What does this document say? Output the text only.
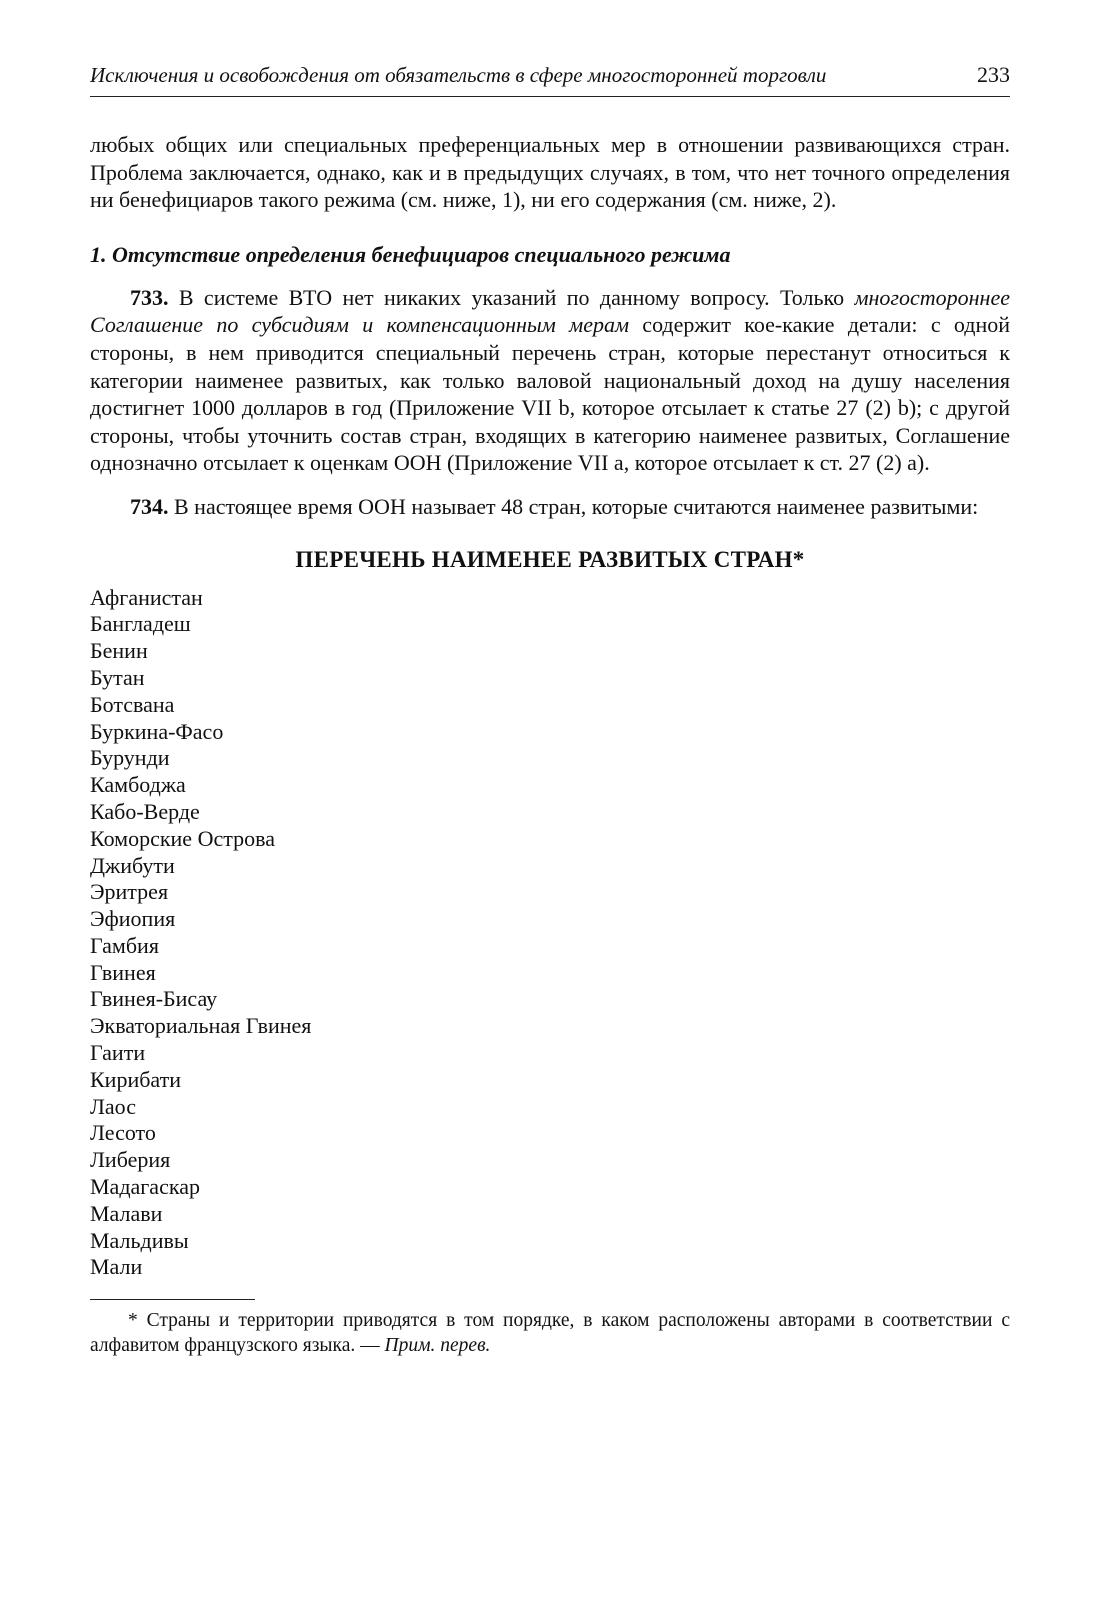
Исключения и освобождения от обязательств в сфере многосторонней торговли	233

любых общих или специальных преференциальных мер в отношении развивающихся стран. Проблема заключается, однако, как и в предыдущих случаях, в том, что нет точного определения ни бенефициаров такого режима (см. ниже, 1), ни его содержания (см. ниже, 2).

1. Отсутствие определения бенефициаров специального режима

733. В системе ВТО нет никаких указаний по данному вопросу. Только многостороннее Соглашение по субсидиям и компенсационным мерам содержит кое-какие детали: с одной стороны, в нем приводится специальный перечень стран, которые перестанут относиться к категории наименее развитых, как только валовой национальный доход на душу населения достигнет 1000 долларов в год (Приложение VII b, которое отсылает к статье 27 (2) b); с другой стороны, чтобы уточнить состав стран, входящих в категорию наименее развитых, Соглашение однозначно отсылает к оценкам ООН (Приложение VII a, которое отсылает к ст. 27 (2) a).

734. В настоящее время ООН называет 48 стран, которые считаются наименее развитыми:

ПЕРЕЧЕНЬ НАИМЕНЕЕ РАЗВИТЫХ СТРАН*
Афганистан
Бангладеш
Бенин
Бутан
Ботсвана
Буркина-Фасо
Бурунди
Камбоджа
Кабо-Верде
Коморские Острова
Джибути
Эритрея
Эфиопия
Гамбия
Гвинея
Гвинея-Бисау
Экваториальная Гвинея
Гаити
Кирибати
Лаос
Лесото
Либерия
Мадагаскар
Малави
Мальдивы
Мали

* Страны и территории приводятся в том порядке, в каком расположены авторами в соответствии с алфавитом французского языка. — Прим. перев.
